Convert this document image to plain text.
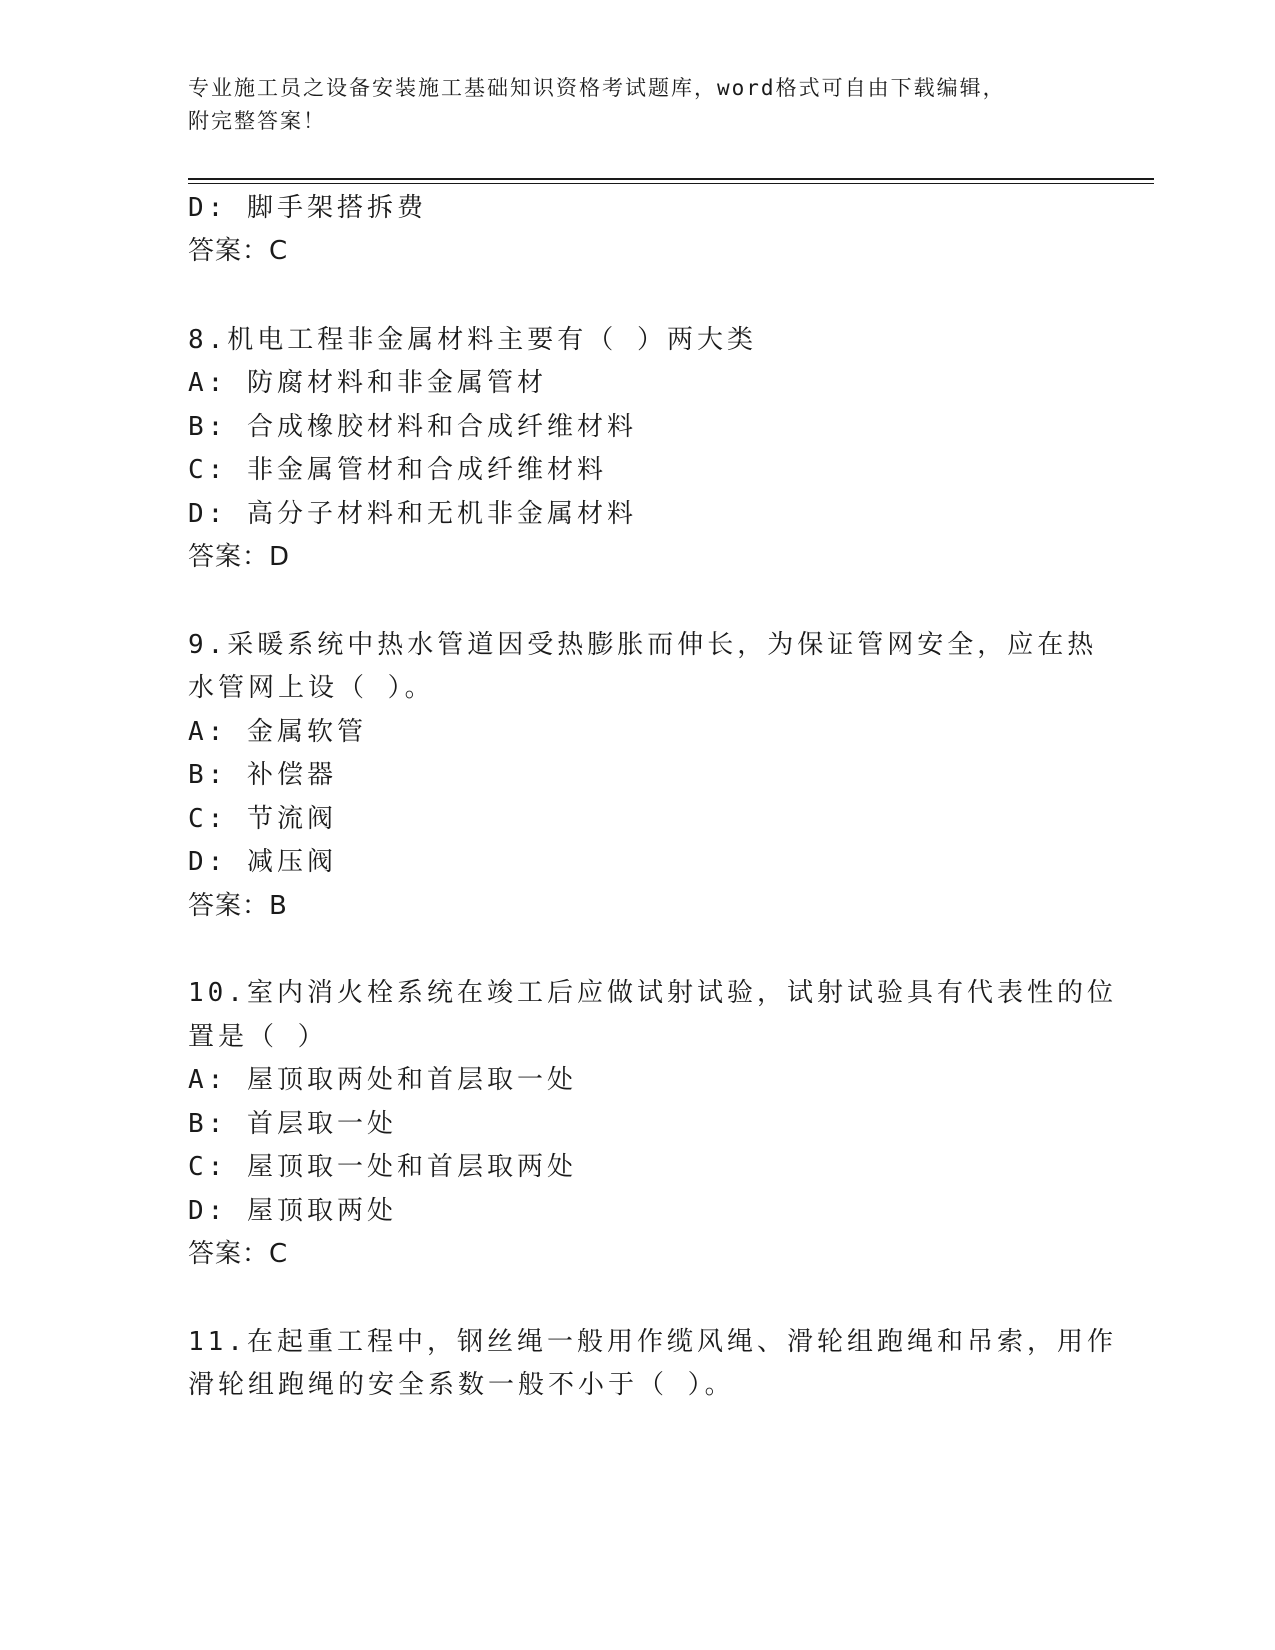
专业施工员之设备安装施工基础知识资格考试题库，word格式可自由下载编辑，

附完整答案！

D: 脚手架搭拆费

答案：C

8.机电工程非金属材料主要有（ ）两大类

A: 防腐材料和非金属管材

B: 合成橡胶材料和合成纤维材料

C: 非金属管材和合成纤维材料

D: 高分子材料和无机非金属材料

答案：D

9.采暖系统中热水管道因受热膨胀而伸长，为保证管网安全，应在热

水管网上设（ ）。

A: 金属软管

B: 补偿器

C: 节流阀

D: 减压阀

答案：B

10.室内消火栓系统在竣工后应做试射试验，试射试验具有代表性的位

置是（ ）

A: 屋顶取两处和首层取一处

B: 首层取一处

C: 屋顶取一处和首层取两处

D: 屋顶取两处

答案：C

11.在起重工程中，钢丝绳一般用作缆风绳、滑轮组跑绳和吊索，用作

滑轮组跑绳的安全系数一般不小于（ ）。
